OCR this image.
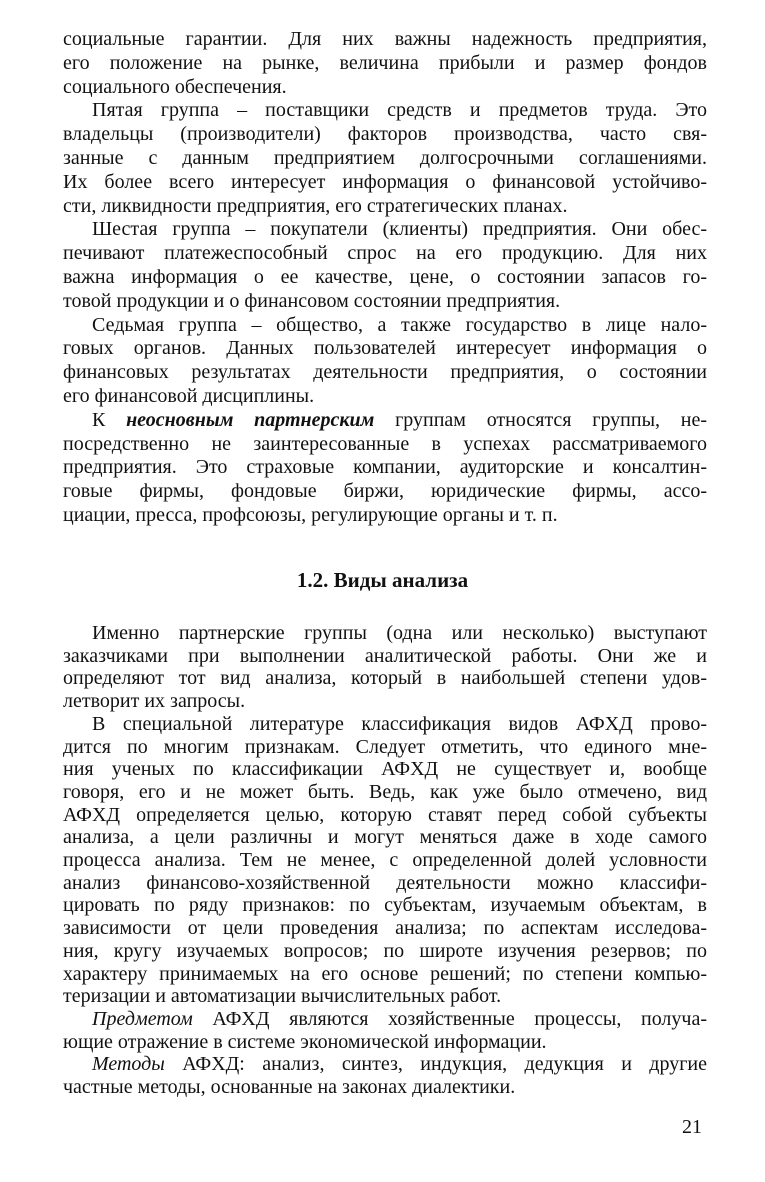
социальные гарантии. Для них важны надежность предприятия,
его положение на рынке, величина прибыли и размер фондов
социального обеспечения.
Пятая группа – поставщики средств и предметов труда. Это
владельцы (производители) факторов производства, часто свя-
занные с данным предприятием долгосрочными соглашениями.
Их более всего интересует информация о финансовой устойчиво-
сти, ликвидности предприятия, его стратегических планах.
Шестая группа – покупатели (клиенты) предприятия. Они обес-
печивают платежеспособный спрос на его продукцию. Для них
важна информация о ее качестве, цене, о состоянии запасов го-
товой продукции и о финансовом состоянии предприятия.
Седьмая группа – общество, а также государство в лице нало-
говых органов. Данных пользователей интересует информация о
финансовых результатах деятельности предприятия, о состоянии
его финансовой дисциплины.
К неосновным партнерским группам относятся группы, не-
посредственно не заинтересованные в успехах рассматриваемого
предприятия. Это страховые компании, аудиторские и консалтин-
говые фирмы, фондовые биржи, юридические фирмы, ассо-
циации, пресса, профсоюзы, регулирующие органы и т. п.
1.2. Виды анализа
Именно партнерские группы (одна или несколько) выступают
заказчиками при выполнении аналитической работы. Они же и
определяют тот вид анализа, который в наибольшей степени удов-
летворит их запросы.
В специальной литературе классификация видов АФХД прово-
дится по многим признакам. Следует отметить, что единого мне-
ния ученых по классификации АФХД не существует и, вообще
говоря, его и не может быть. Ведь, как уже было отмечено, вид
АФХД определяется целью, которую ставят перед собой субъекты
анализа, а цели различны и могут меняться даже в ходе самого
процесса анализа. Тем не менее, с определенной долей условности
анализ финансово-хозяйственной деятельности можно классифи-
цировать по ряду признаков: по субъектам, изучаемым объектам, в
зависимости от цели проведения анализа; по аспектам исследова-
ния, кругу изучаемых вопросов; по широте изучения резервов; по
характеру принимаемых на его основе решений; по степени компью-
теризации и автоматизации вычислительных работ.
Предметом АФХД являются хозяйственные процессы, получа-
ющие отражение в системе экономической информации.
Методы АФХД: анализ, синтез, индукция, дедукция и другие
частные методы, основанные на законах диалектики.
21
